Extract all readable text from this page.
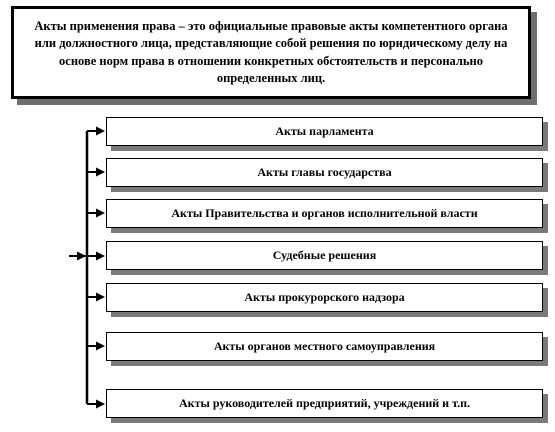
Акты применения права – это официальные правовые акты компетентного органа или должностного лица, представляющие собой решения по юридическому делу на основе норм права в отношении конкретных обстоятельств и персонально определенных лиц.
Акты парламента
Акты главы государства
Акты Правительства и органов исполнительной власти
Судебные решения
Акты прокурорского надзора
Акты органов местного самоуправления
Акты руководителей предприятий, учреждений и т.п.
